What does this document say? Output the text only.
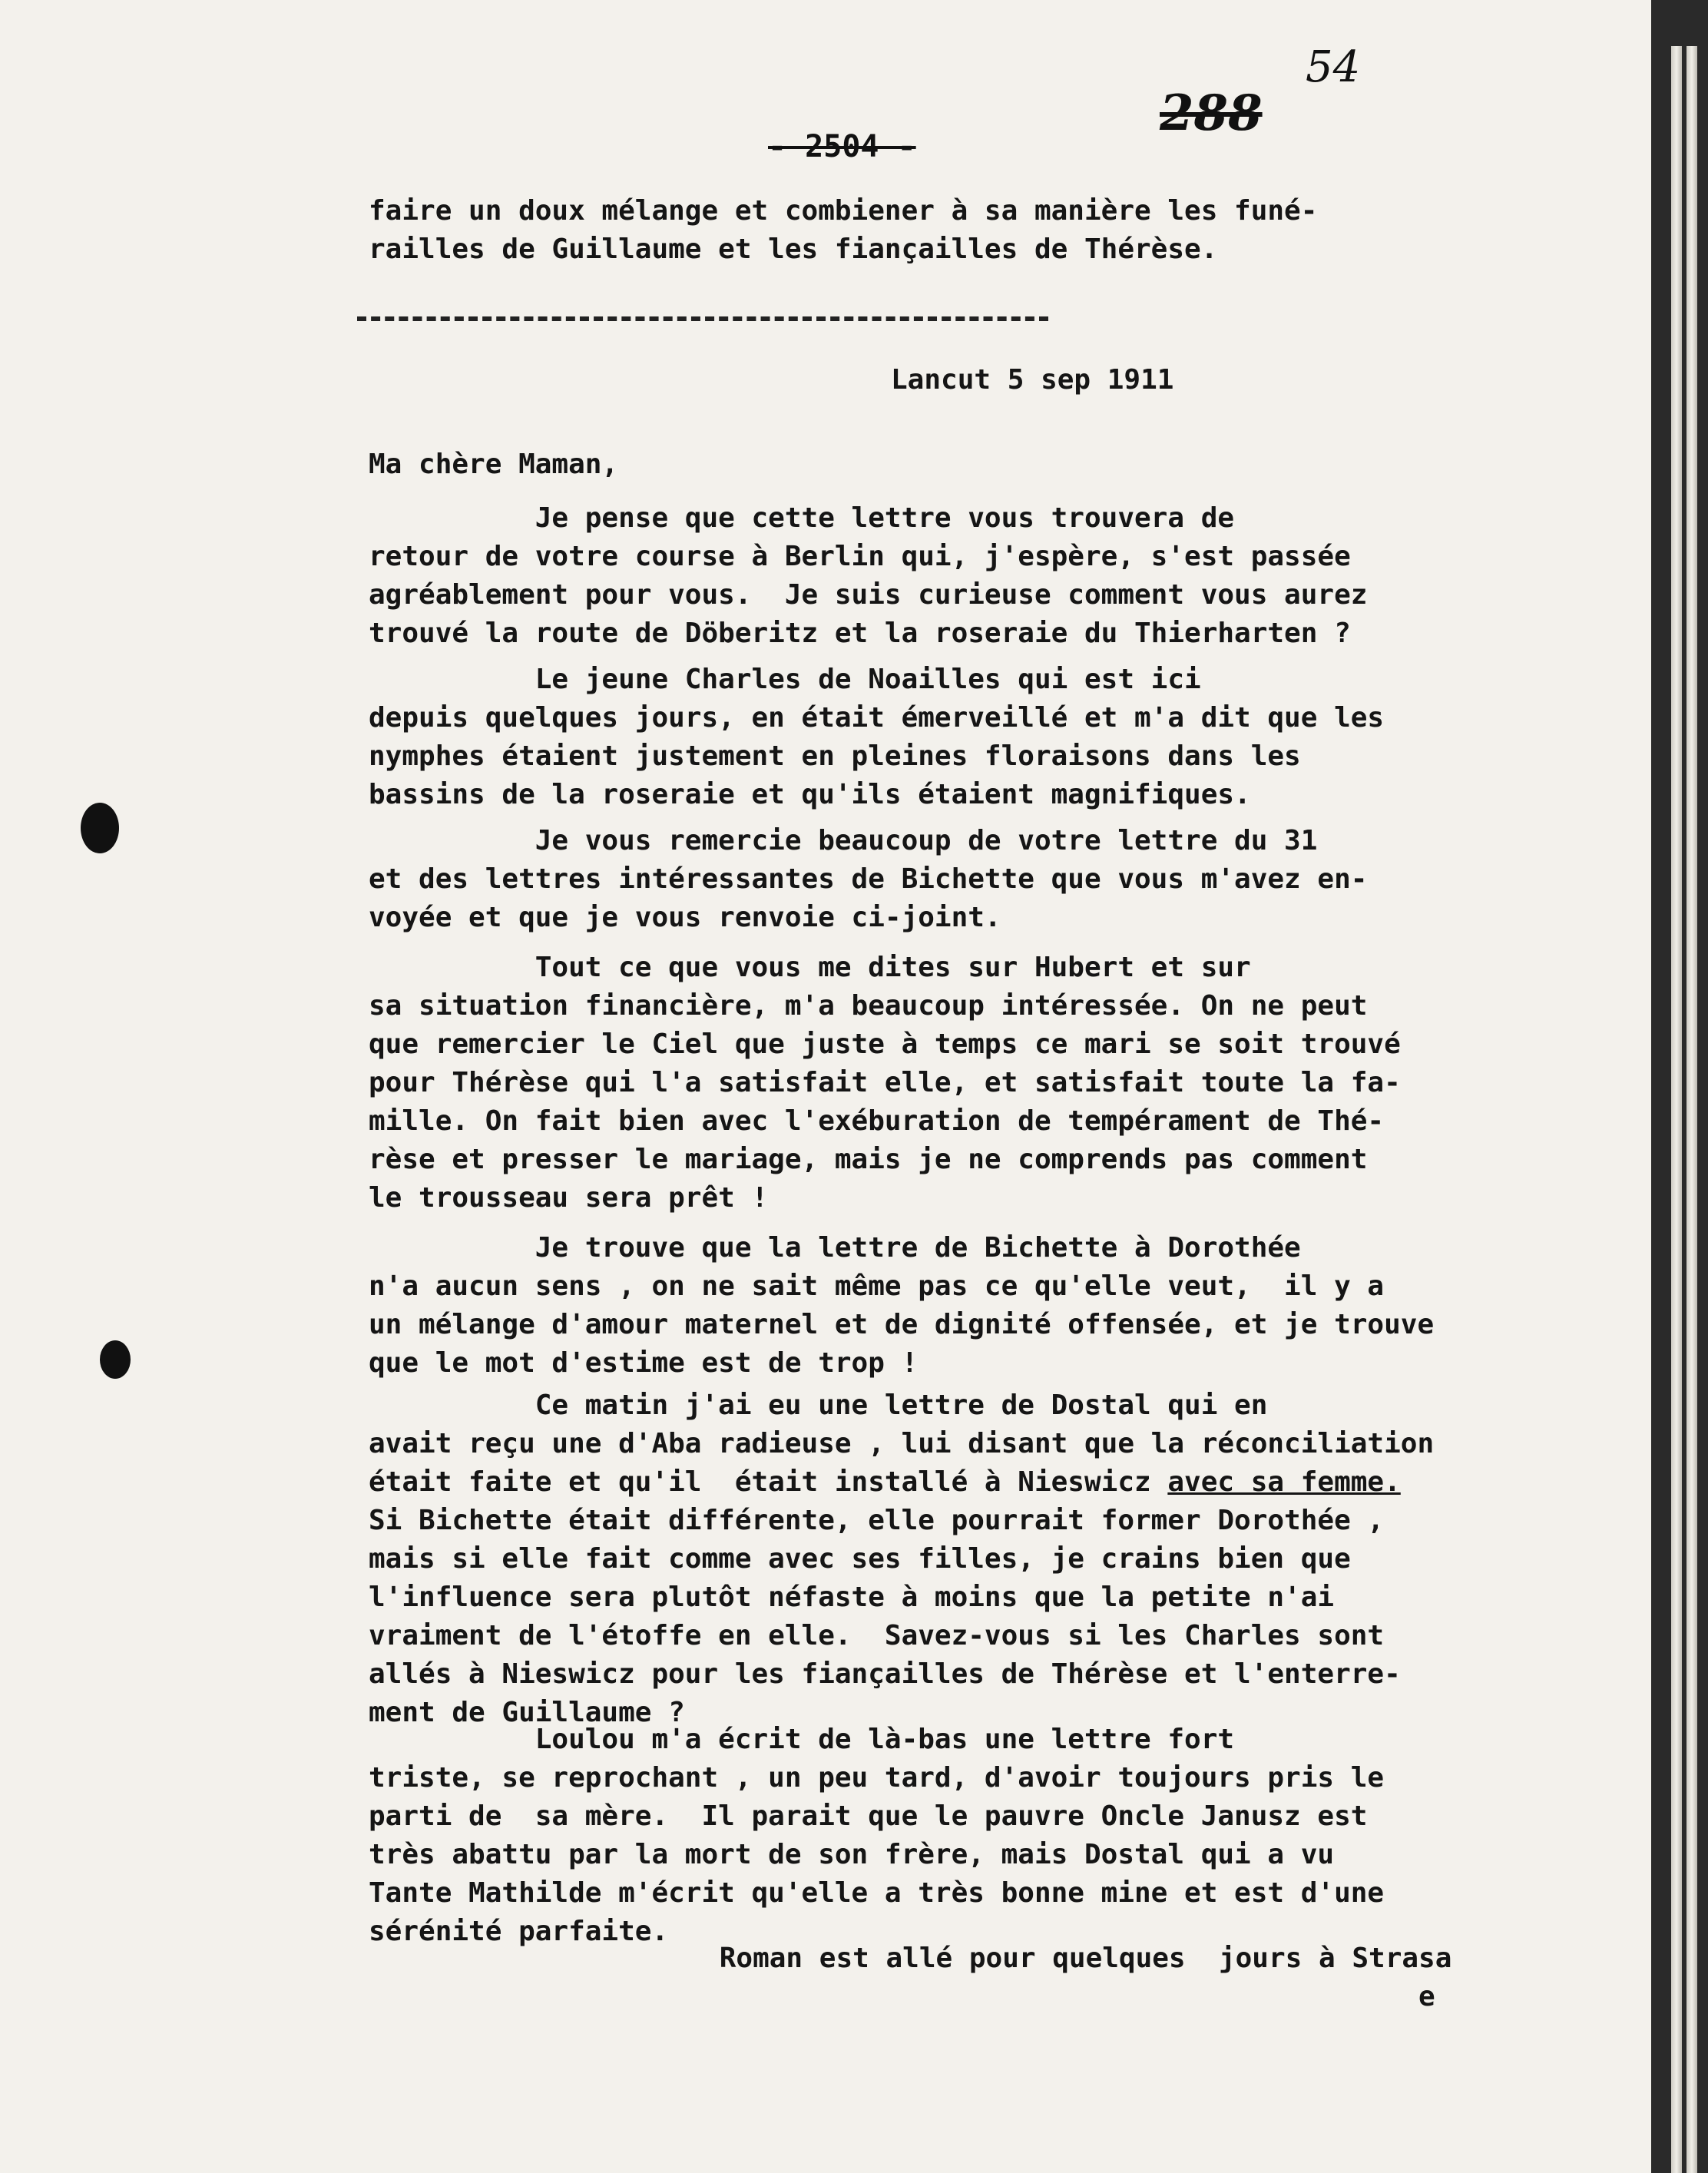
54
288
- 2504 -
faire un doux mélange et combiener à sa manière les funé-
railles de Guillaume et les fiançailles de Thérèse.
Lancut 5 sep 1911
Ma chère Maman,
Je pense que cette lettre vous trouvera de
retour de votre course à Berlin qui, j'espère, s'est passée
agréablement pour vous.  Je suis curieuse comment vous aurez
trouvé la route de Döberitz et la roseraie du Thierharten ?
Le jeune Charles de Noailles qui est ici
depuis quelques jours, en était émerveillé et m'a dit que les
nymphes étaient justement en pleines floraisons dans les
bassins de la roseraie et qu'ils étaient magnifiques.
Je vous remercie beaucoup de votre lettre du 31
et des lettres intéressantes de Bichette que vous m'avez en-
voyée et que je vous renvoie ci-joint.
Tout ce que vous me dites sur Hubert et sur
sa situation financière, m'a beaucoup intéressée. On ne peut
que remercier le Ciel que juste à temps ce mari se soit trouvé
pour Thérèse qui l'a satisfait elle, et satisfait toute la fa-
mille. On fait bien avec l'exéburation de tempérament de Thé-
rèse et presser le mariage, mais je ne comprends pas comment
le trousseau sera prêt !
Je trouve que la lettre de Bichette à Dorothée
n'a aucun sens , on ne sait même pas ce qu'elle veut,  il y a
un mélange d'amour maternel et de dignité offensée, et je trouve
que le mot d'estime est de trop !
Ce matin j'ai eu une lettre de Dostal qui en
avait reçu une d'Aba radieuse , lui disant que la réconciliation
était faite et qu'il  était installé à Nieswicz avec sa femme.
Si Bichette était différente, elle pourrait former Dorothée ,
mais si elle fait comme avec ses filles, je crains bien que
l'influence sera plutôt néfaste à moins que la petite n'ai
vraiment de l'étoffe en elle.  Savez-vous si les Charles sont
allés à Nieswicz pour les fiançailles de Thérèse et l'enterre-
ment de Guillaume ?
Loulou m'a écrit de là-bas une lettre fort
triste, se reprochant , un peu tard, d'avoir toujours pris le
parti de  sa mère.  Il parait que le pauvre Oncle Janusz est
très abattu par la mort de son frère, mais Dostal qui a vu
Tante Mathilde m'écrit qu'elle a très bonne mine et est d'une
sérénité parfaite.
Roman est allé pour quelques  jours à Strasa
e
